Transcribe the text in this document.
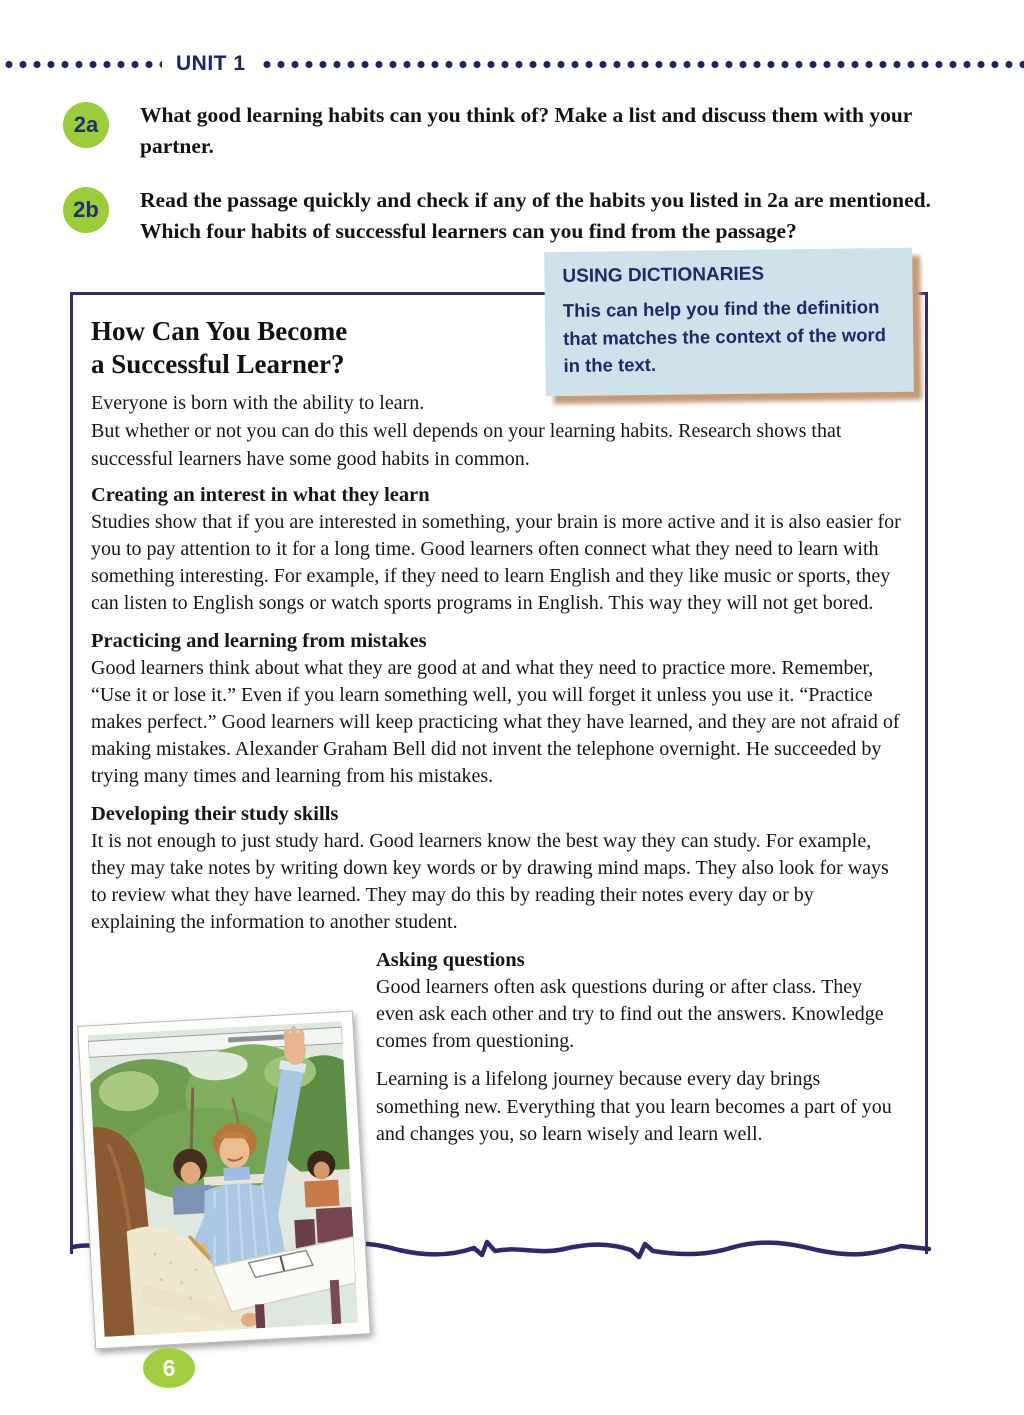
UNIT 1
2a	What good learning habits can you think of? Make a list and discuss them with your partner.
2b	Read the passage quickly and check if any of the habits you listed in 2a are mentioned. Which four habits of successful learners can you find from the passage?
USING DICTIONARIES
This can help you find the definition that matches the context of the word in the text.
How Can You Become
a Successful Learner?
Everyone is born with the ability to learn.

But whether or not you can do this well depends on your learning habits. Research shows that successful learners have some good habits in common.

Creating an interest in what they learn
Studies show that if you are interested in something, your brain is more active and it is also easier for you to pay attention to it for a long time. Good learners often connect what they need to learn with something interesting. For example, if they need to learn English and they like music or sports, they can listen to English songs or watch sports programs in English. This way they will not get bored.
Practicing and learning from mistakes
Good learners think about what they are good at and what they need to practice more. Remember, “Use it or lose it.” Even if you learn something well, you will forget it unless you use it. “Practice makes perfect.” Good learners will keep practicing what they have learned, and they are not afraid of making mistakes. Alexander Graham Bell did not invent the telephone overnight. He succeeded by trying many times and learning from his mistakes.
Developing their study skills
It is not enough to just study hard. Good learners know the best way they can study. For example, they may take notes by writing down key words or by drawing mind maps. They also look for ways to review what they have learned. They may do this by reading their notes every day or by explaining the information to another student.
Asking questions
Good learners often ask questions during or after class. They even ask each other and try to find out the answers. Knowledge comes from questioning.
Learning is a lifelong journey because every day brings something new. Everything that you learn becomes a part of you and changes you, so learn wisely and learn well.
6
